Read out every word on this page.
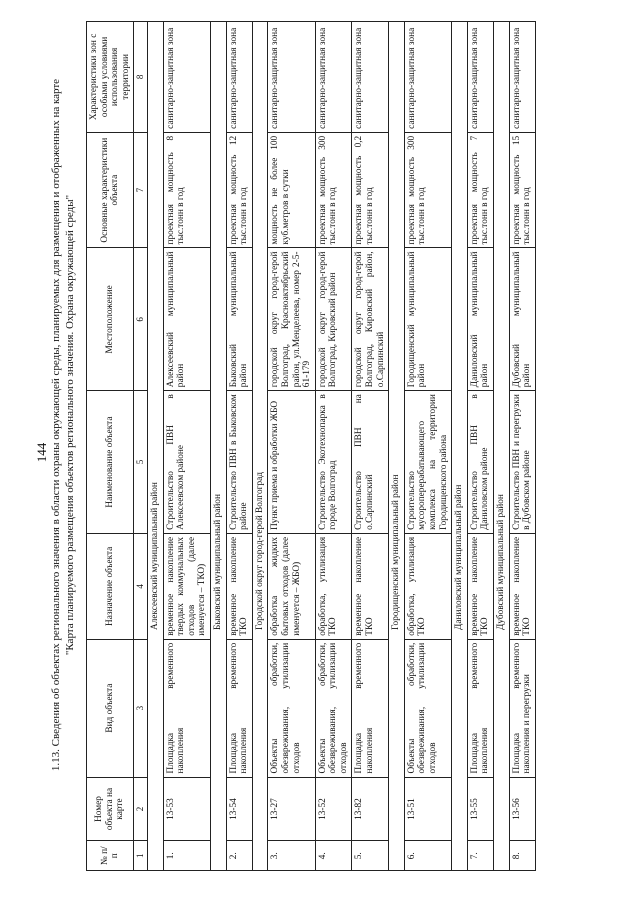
144 1.13. Сведения об объектах регионального значения в области охраны окружающей среды, планируемых для размещения и отображенных на карте "Карта планируемого размещения объектов регионального значения. Охрана окружающей среды"
№ п/п	Номер объекта на карте	Вид объекта	Назначение объекта	Наименование объекта	Местоположение	Основные характеристики объекта	Характеристики зон с особыми условиями использования территории
1	2	3	4	5	6	7	8
Алексеевский муниципальный район							
1.	13-53	Площадка временного накопления	временное накопление твердых коммунальных отходов (далее именуется – ТКО)	Строительство ПВН в Алексеевском районе	Алексеевский муниципальный район	проектная мощность 8 тыс.тонн в год	санитарно-защитная зона
Быковский муниципальный район							
2.	13-54	Площадка временного накопления	временное накопление ТКО	Строительство ПВН в Быковском районе	Быковский муниципальный район	проектная мощность 12 тыс.тонн в год	санитарно-защитная зона
Городской округ город-герой Волгоград							
3.	13-27	Объекты обработки, обезвреживания, утилизации отходов	обработка жидких бытовых отходов (далее именуется – ЖБО)	Пункт приема и обработки ЖБО	городской округ город-герой Волгоград, Красноактябрьский район, ул.Менделеева, номер 2-5-61-179	мощность не более 100 куб.метров в сутки	санитарно-защитная зона
4.	13-52	Объекты обработки, обезвреживания, утилизации отходов	обработка, утилизация ТКО	Строительство Экотехнопарка в городе Волгоград	городской округ город-герой Волгоград, Кировский район	проектная мощность 300 тыс.тонн в год	санитарно-защитная зона
5.	13-82	Площадка временного накопления	временное накопление ТКО	Строительство ПВН на о.Сарпинский	городской округ город-герой Волгоград, Кировский район, о.Сарпинский	проектная мощность 0,2 тыс.тонн в год	санитарно-защитная зона
Городищенский муниципальный район							
6.	13-51	Объекты обработки, обезвреживания, утилизации отходов	обработка, утилизация ТКО	Строительство мусороперерабатывающего комплекса на территории Городищенского района	Городищенский муниципальный район	проектная мощность 300 тыс.тонн в год	санитарно-защитная зона
Даниловский муниципальный район							
7.	13-55	Площадка временного накопления	временное накопление ТКО	Строительство ПВН в Даниловском районе	Даниловский муниципальный район	проектная мощность 7 тыс.тонн в год	санитарно-защитная зона
Дубовский муниципальный район							
8.	13-56	Площадка временного накопления и перегрузки	временное накопление ТКО	Строительство ПВН и перегрузки в Дубовском районе	Дубовский муниципальный район	проектная мощность 15 тыс.тонн в год	санитарно-защитная зона
